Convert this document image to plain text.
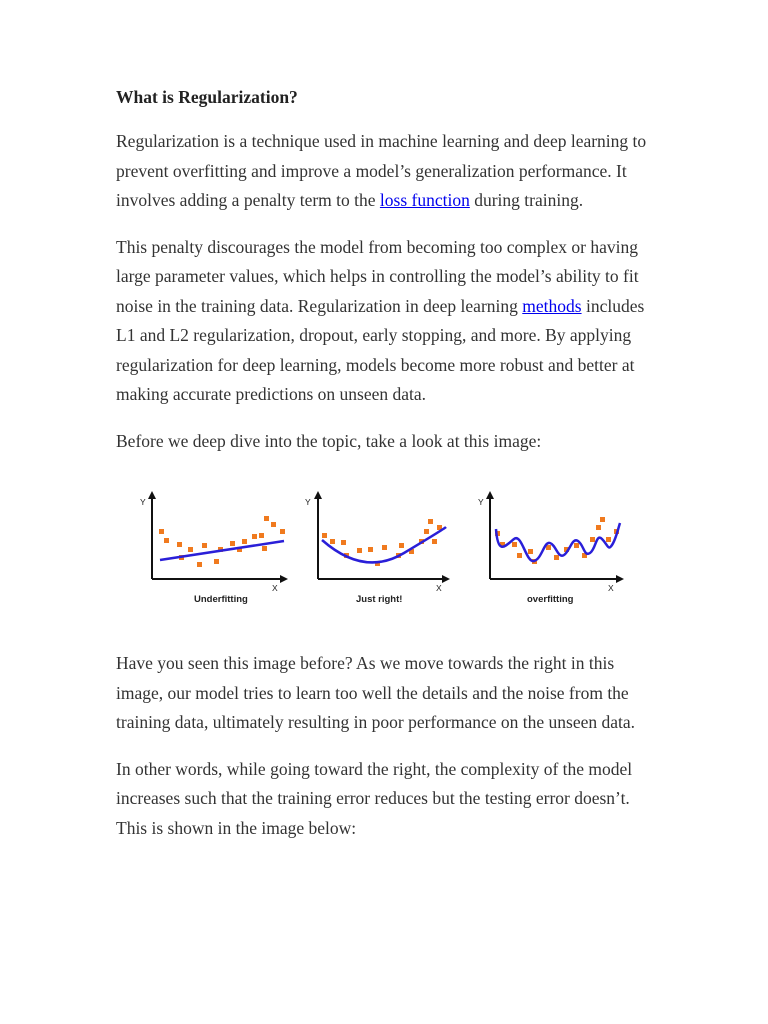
What is Regularization?

Regularization is a technique used in machine learning and deep learning to prevent overfitting and improve a model’s generalization performance. It involves adding a penalty term to the loss function during training.

This penalty discourages the model from becoming too complex or having large parameter values, which helps in controlling the model’s ability to fit noise in the training data. Regularization in deep learning methods includes L1 and L2 regularization, dropout, early stopping, and more. By applying regularization for deep learning, models become more robust and better at making accurate predictions on unseen data.

Before we deep dive into the topic, take a look at this image:

Y
X
Underfitting
Y
X
Just right!
Y
X
overfitting

Have you seen this image before? As we move towards the right in this image, our model tries to learn too well the details and the noise from the training data, ultimately resulting in poor performance on the unseen data.

In other words, while going toward the right, the complexity of the model increases such that the training error reduces but the testing error doesn’t. This is shown in the image below:
